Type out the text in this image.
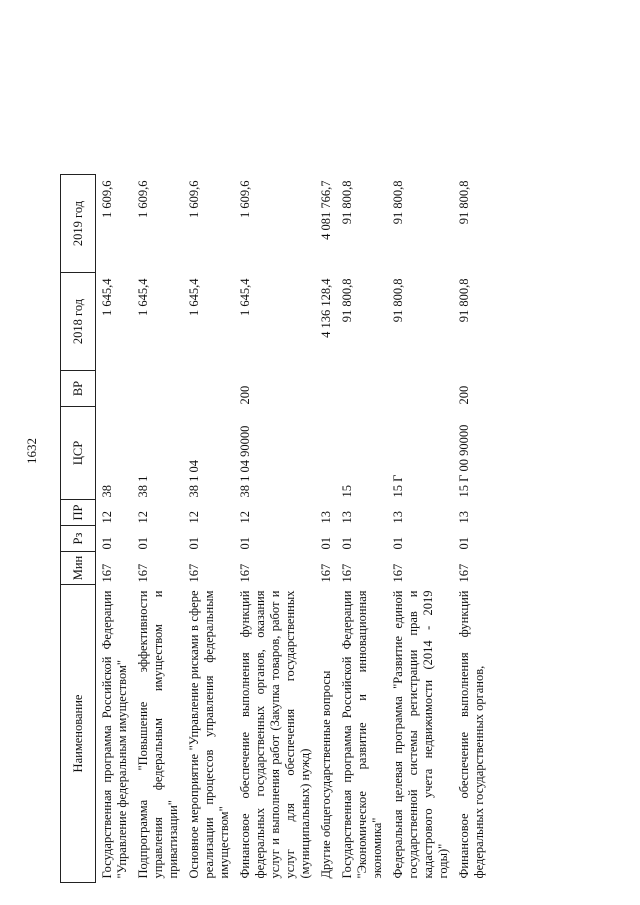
1632
Наименование	Мин	Рз	ПР	ЦСР	ВР	2018 год	2019 год
Государственная программа Российской Федерации "Управление федеральным имуществом"	167	01	12	38		1 645,4	1 609,6
Подпрограмма "Повышение эффективности управления федеральным имуществом и приватизации"	167	01	12	38 1		1 645,4	1 609,6
Основное мероприятие "Управление рисками в сфере реализации процессов управления федеральным имуществом"	167	01	12	38 1 04		1 645,4	1 609,6
Финансовое обеспечение выполнения функций федеральных государственных органов, оказания услуг и выполнения работ (Закупка товаров, работ и услуг для обеспечения государственных (муниципальных) нужд)	167	01	12	38 1 04 90000	200	1 645,4	1 609,6
Другие общегосударственные вопросы	167	01	13			4 136 128,4	4 081 766,7
Государственная программа Российской Федерации "Экономическое развитие и инновационная экономика"	167	01	13	15		91 800,8	91 800,8
Федеральная целевая программа "Развитие единой государственной системы регистрации прав и кадастрового учета недвижимости (2014 - 2019 годы)"	167	01	13	15 Г		91 800,8	91 800,8
Финансовое обеспечение выполнения функций федеральных государственных органов,	167	01	13	15 Г 00 90000	200	91 800,8	91 800,8
